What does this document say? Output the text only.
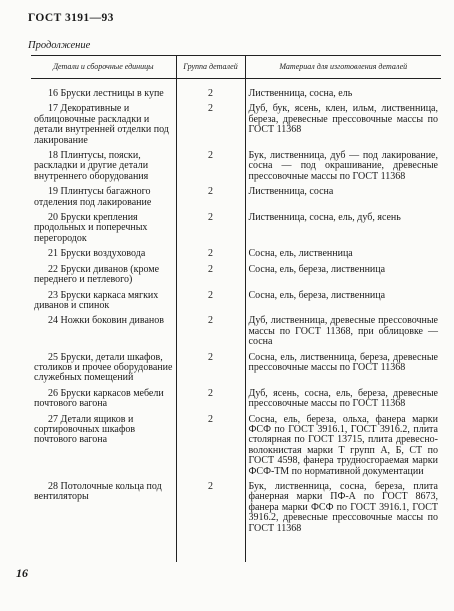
ГОСТ 3191—93
Продолжение
Детали и сборочные единицы	Группа деталей	Материал для изготовления деталей
16 Бруски лестницы в купе	2	Лиственница, сосна, ель
17 Декоративные и облицовочные раскладки и детали внутренней отделки под лакирование	2	Дуб, бук, ясень, клен, ильм, лиственница, береза, древесные прессовочные массы по ГОСТ 11368
18 Плинтусы, пояски, раскладки и другие детали внутреннего оборудования	2	Бук, лиственница, дуб — под лакирование, сосна — под окрашивание, древесные прессовочные массы по ГОСТ 11368
19 Плинтусы багажного отделения под лакирование	2	Лиственница, сосна
20 Бруски крепления продольных и поперечных перегородок	2	Лиственница, сосна, ель, дуб, ясень
21 Бруски воздуховода	2	Сосна, ель, лиственница
22 Бруски диванов (кроме переднего и петлевого)	2	Сосна, ель, береза, лиственница
23 Бруски каркаса мягких диванов и спинок	2	Сосна, ель, береза, лиственница
24 Ножки боковин диванов	2	Дуб, лиственница, древесные прессовочные массы по ГОСТ 11368, при облицовке — сосна
25 Бруски, детали шкафов, столиков и прочее оборудование служебных помещений	2	Сосна, ель, лиственница, береза, древесные прессовочные массы по ГОСТ 11368
26 Бруски каркасов мебели почтового вагона	2	Дуб, ясень, сосна, ель, береза, древесные прессовочные массы по ГОСТ 11368
27 Детали ящиков и сортировочных шкафов почтового вагона	2	Сосна, ель, береза, ольха, фанера марки ФСФ по ГОСТ 3916.1, ГОСТ 3916.2, плита столярная по ГОСТ 13715, плита древесно-волокнистая марки Т групп А, Б, СТ по ГОСТ 4598, фанера трудносгораемая марки ФСФ-ТМ по нормативной документации
28 Потолочные кольца под вентиляторы	2	Бук, лиственница, сосна, береза, плита фанерная марки ПФ-А по ГОСТ 8673, фанера марки ФСФ по ГОСТ 3916.1, ГОСТ 3916.2, древесные прессовочные массы по ГОСТ 11368
16
